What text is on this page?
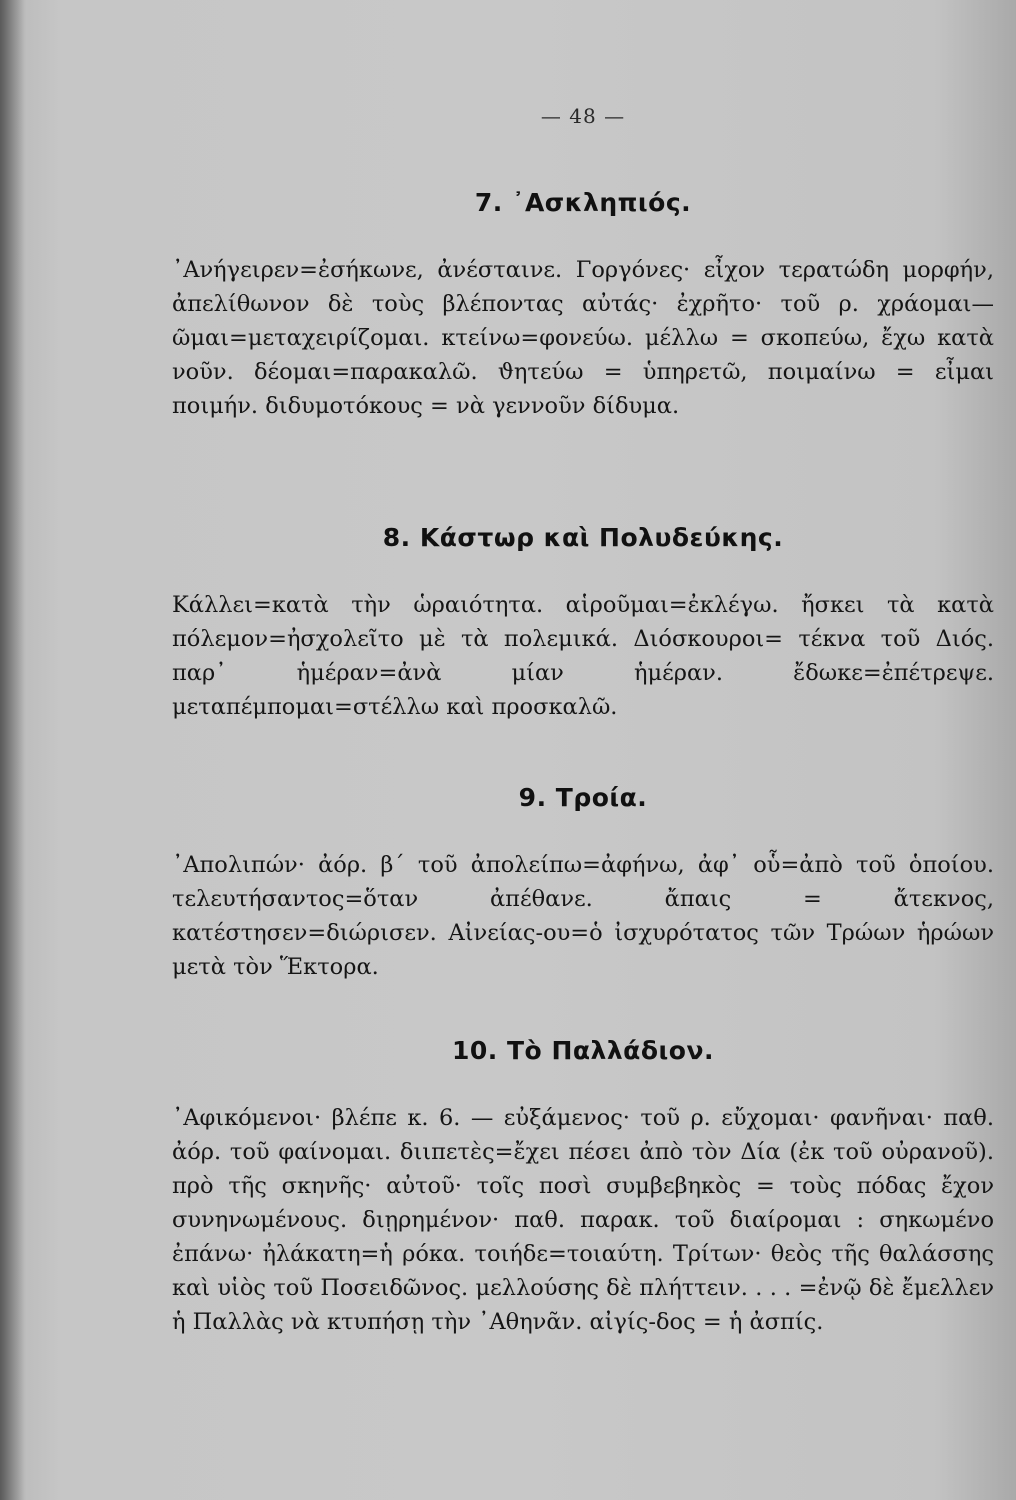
— 48 —
7. ᾿Ασκληπιός.

᾿Ανήγειρεν=ἐσήκωνε, ἀνέσταινε. Γοργόνες· εἶχον τερατώδη μορφήν, ἀπελίθωνον δὲ τοὺς βλέποντας αὐτάς· ἐχρῆτο· τοῦ ρ. χράομαι—ῶμαι=μεταχειρίζομαι. κτείνω=φονεύω. μέλλω = σκοπεύω, ἔχω κατὰ νοῦν. δέομαι=παρακαλῶ. ϑητεύω = ὑπηρετῶ, ποιμαίνω = εἶμαι ποιμήν. διδυμοτόκους = νὰ γεννοῦν δίδυμα.

8. Κάστωρ καὶ Πολυδεύκης.

Κάλλει=κατὰ τὴν ὡραιότητα. αἱροῦμαι=ἐκλέγω. ἤσκει τὰ κατὰ πόλεμον=ἠσχολεῖτο μὲ τὰ πολεμικά. Διόσκουροι= τέκνα τοῦ Διός. παρ᾿ ἡμέραν=ἀνὰ μίαν ἡμέραν. ἔδωκε=ἐπέτρεψε. μεταπέμπομαι=στέλλω καὶ προσκαλῶ.

9. Τροία.

᾿Απολιπών· ἀόρ. β´ τοῦ ἀπολείπω=ἀφήνω, ἀφ᾿ οὗ=ἀπὸ τοῦ ὁποίου. τελευτήσαντος=ὅταν ἀπέθανε. ἄπαις = ἄτεκνος, κατέστησεν=διώρισεν. Αἰνείας-ου=ὁ ἰσχυρότατος τῶν Τρώων ἡρώων μετὰ τὸν Ἕκτορα.

10. Τὸ Παλλάδιον.

᾿Αφικόμενοι· βλέπε κ. 6. — εὐξάμενος· τοῦ ρ. εὔχομαι· φανῆναι· παθ. ἀόρ. τοῦ φαίνομαι. διιπετὲς=ἔχει πέσει ἀπὸ τὸν Δία (ἐκ τοῦ οὐρανοῦ). πρὸ τῆς σκηνῆς· αὐτοῦ· τοῖς ποσὶ συμβεβηκὸς = τοὺς πόδας ἔχον συνηνωμένους. διῃρημένον· παθ. παρακ. τοῦ διαίρομαι : σηκωμένο ἐπάνω· ἠλάκατη=ἡ ρόκα. τοιήδε=τοιαύτη. Τρίτων· θεὸς τῆς θαλάσσης καὶ υἱὸς τοῦ Ποσειδῶνος. μελλούσης δὲ πλήττειν. . . . =ἐνῷ δὲ ἔμελλεν ἡ Παλλὰς νὰ κτυπήσῃ τὴν ᾿Αθηνᾶν. αἰγίς-δος = ἡ ἀσπίς.
